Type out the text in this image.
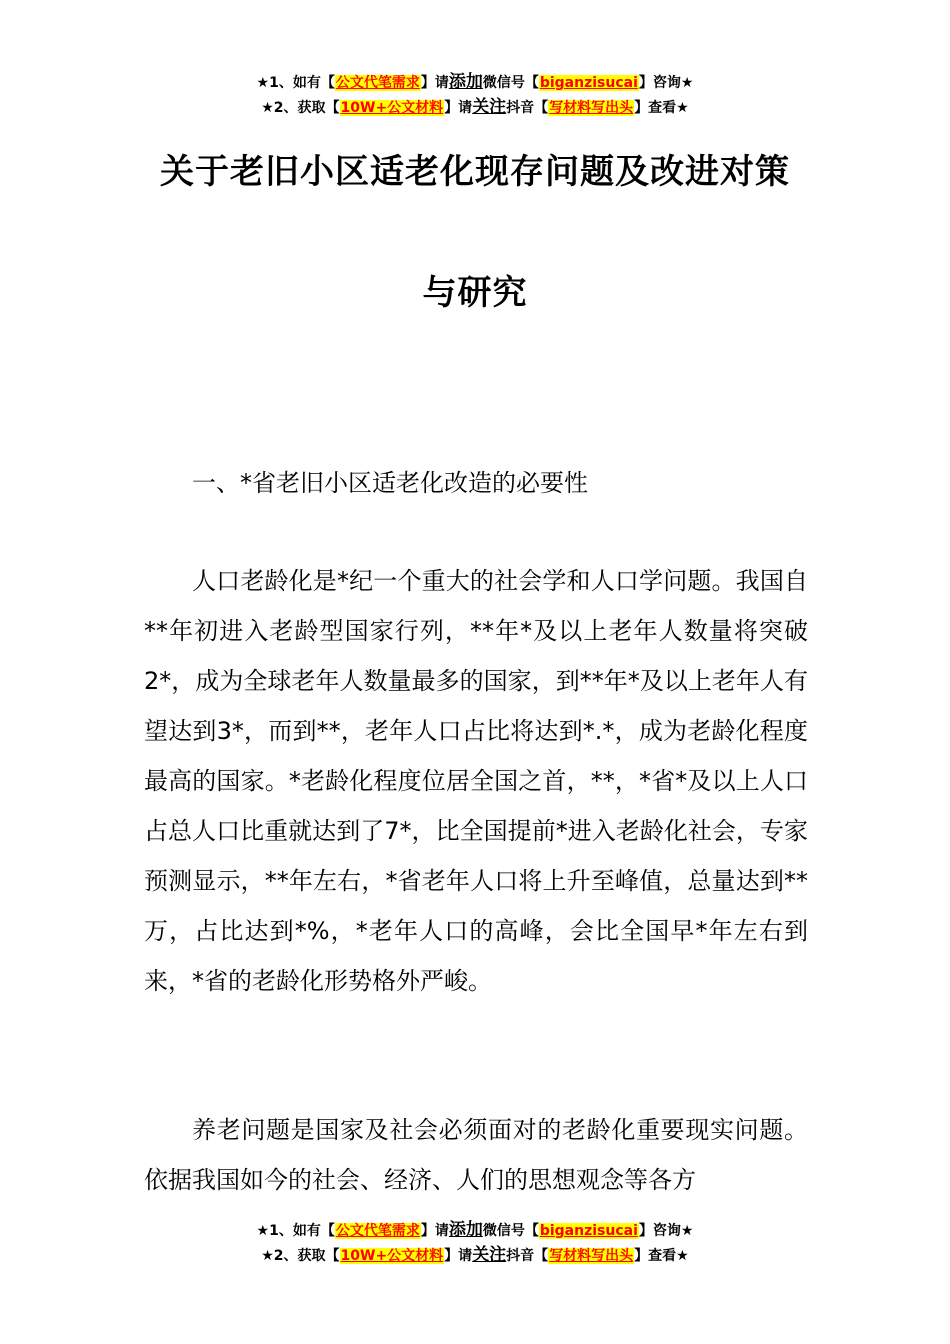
★1、如有【公文代笔需求】请添加微信号【biganzisucai】咨询★
★2、获取【10W+公文材料】请关注抖音【写材料写出头】查看★
关于老旧小区适老化现存问题及改进对策
与研究
一、*省老旧小区适老化改造的必要性
人口老龄化是*纪一个重大的社会学和人口学问题。我国自**年初进入老龄型国家行列，**年*及以上老年人数量将突破2*，成为全球老年人数量最多的国家，到**年*及以上老年人有望达到3*，而到**，老年人口占比将达到*.*，成为老龄化程度最高的国家。*老龄化程度位居全国之首，**，*省*及以上人口占总人口比重就达到了7*，比全国提前*进入老龄化社会，专家预测显示，**年左右，*省老年人口将上升至峰值，总量达到**万，占比达到*%，*老年人口的高峰，会比全国早*年左右到来，*省的老龄化形势格外严峻。
养老问题是国家及社会必须面对的老龄化重要现实问题。依据我国如今的社会、经济、人们的思想观念等各方
★1、如有【公文代笔需求】请添加微信号【biganzisucai】咨询★
★2、获取【10W+公文材料】请关注抖音【写材料写出头】查看★
